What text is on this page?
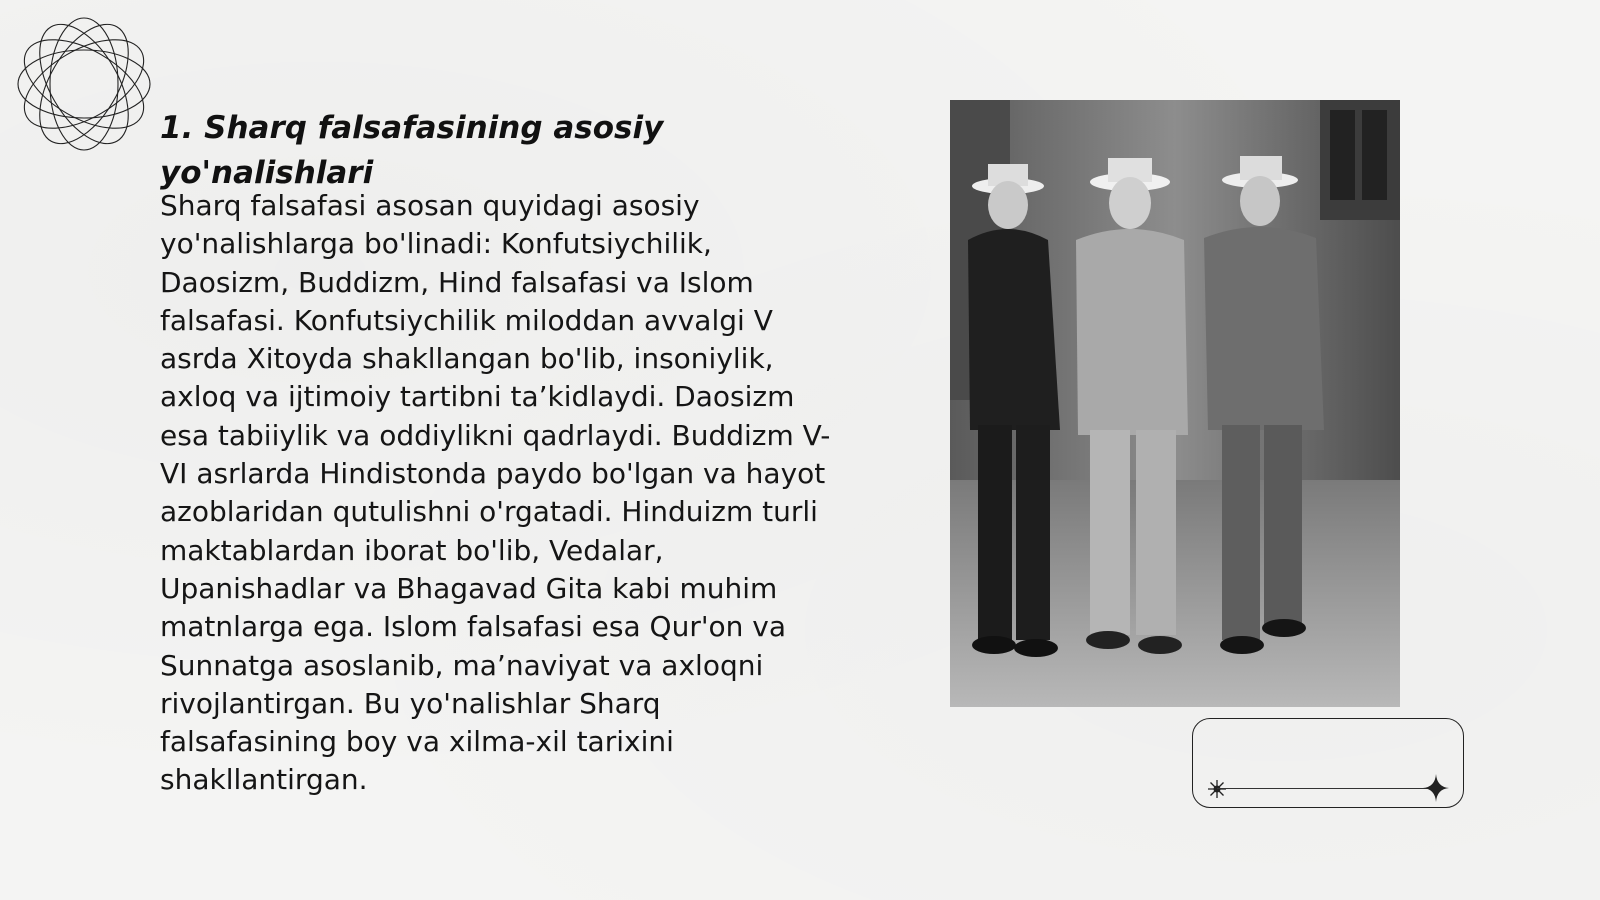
1. Sharq falsafasining asosiy yo'nalishlari

Sharq falsafasi asosan quyidagi asosiy yo'nalishlarga bo'linadi: Konfutsiychilik, Daosizm, Buddizm, Hind falsafasi va Islom falsafasi. Konfutsiychilik miloddan avvalgi V asrda Xitoyda shakllangan bo'lib, insoniylik, axloq va ijtimoiy tartibni ta’kidlaydi. Daosizm esa tabiiylik va oddiylikni qadrlaydi. Buddizm V-VI asrlarda Hindistonda paydo bo'lgan va hayot azoblaridan qutulishni o'rgatadi. Hinduizm turli maktablardan iborat bo'lib, Vedalar, Upanishadlar va Bhagavad Gita kabi muhim matnlarga ega. Islom falsafasi esa Qur'on va Sunnatga asoslanib, ma’naviyat va axloqni rivojlantirgan. Bu yo'nalishlar Sharq falsafasining boy va xilma-xil tarixini shakllantirgan.
